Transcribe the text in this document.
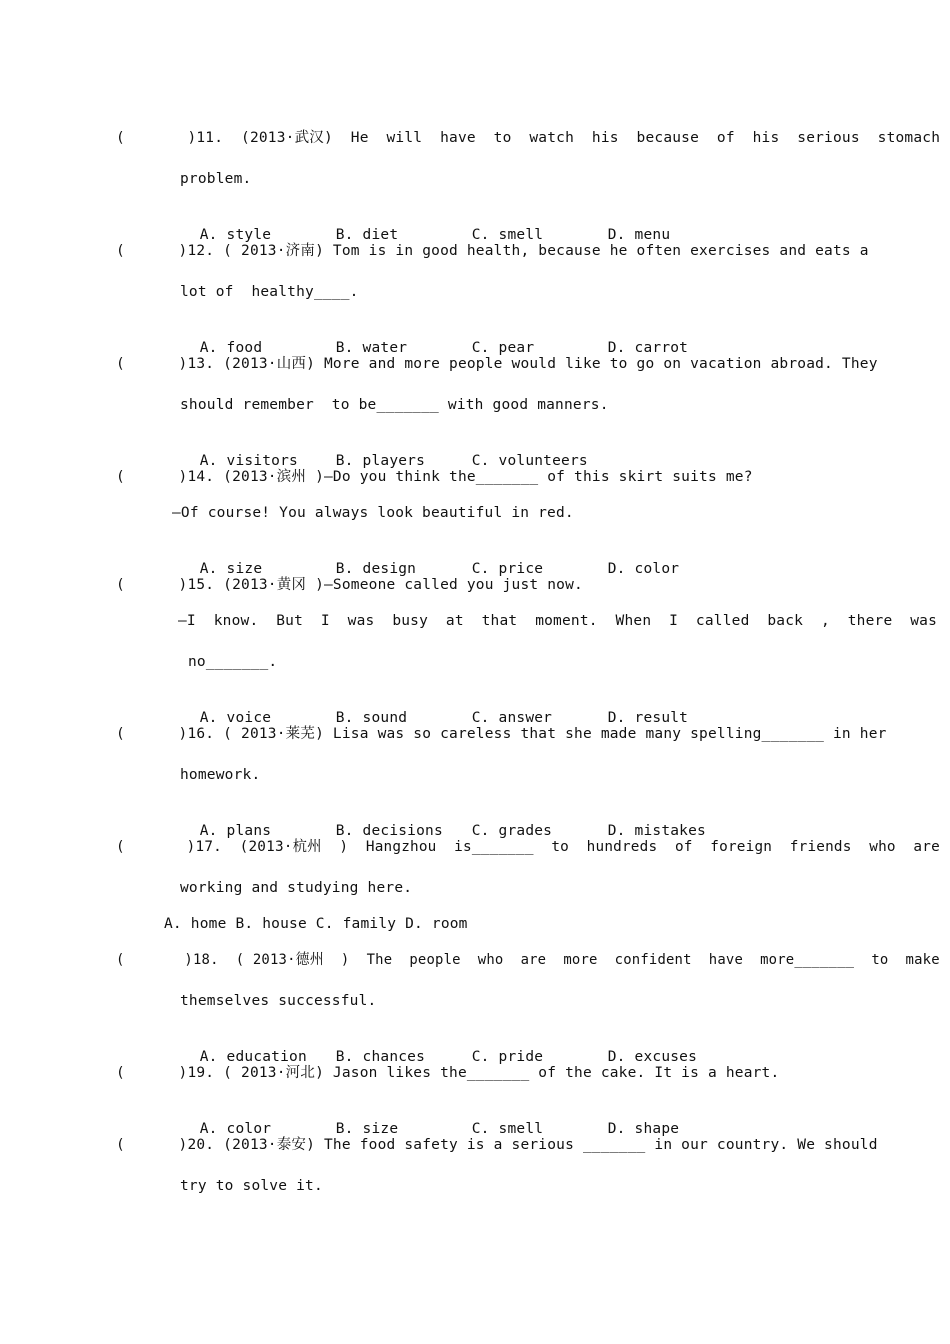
(       )11.  (2013·武汉)  He  will  have  to  watch  his  because  of  his  serious  stomach
problem.

A. style	B. diet	C. smell	D. menu

(      )12. ( 2013·济南) Tom is in good health, because he often exercises and eats a
lot of  healthy____.

A. food	B. water	C. pear	D. carrot

(      )13. (2013·山西) More and more people would like to go on vacation abroad. They
should remember  to be_______ with good manners.

A. visitors	B. players	C. volunteers

(      )14. (2013·滨州 )—Do you think the_______ of this skirt suits me?
—Of course! You always look beautiful in red.

A. size	B. design	C. price	D. color

(      )15. (2013·黄冈 )—Someone called you just now.
—I  know.  But  I  was  busy  at  that  moment.  When  I  called  back  ,  there  was
no_______.

A. voice	B. sound	C. answer	D. result

(      )16. ( 2013·莱芜) Lisa was so careless that she made many spelling_______ in her
homework.

A. plans	B. decisions C. grades	D. mistakes

(       )17.  (2013·杭州  )  Hangzhou  is_______  to  hundreds  of  foreign  friends  who  are
working and studying here.
A. home B. house C. family D. room
(       )18.  ( 2013·德州  )  The  people  who  are  more  confident  have  more_______  to  make
themselves successful.

A. education B. chances	C. pride	D. excuses

(      )19. ( 2013·河北) Jason likes the_______ of the cake. It is a heart.

A. color	B. size	C. smell	D. shape

(      )20. (2013·泰安) The food safety is a serious _______ in our country. We should
try to solve it.
